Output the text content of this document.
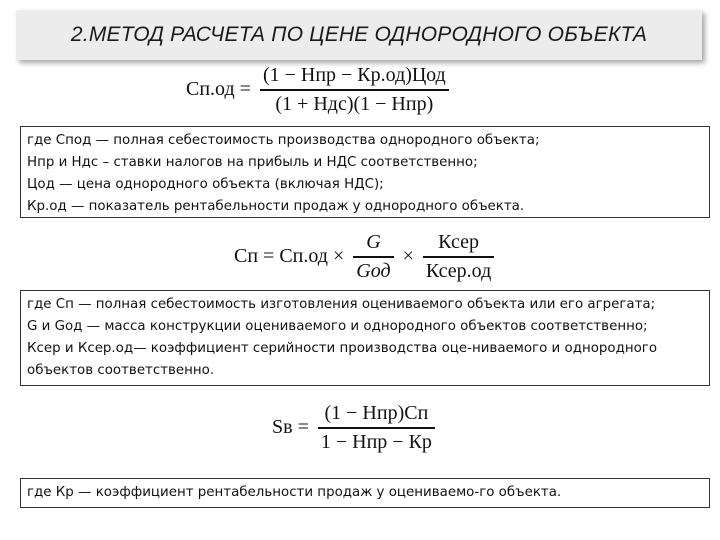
2.МЕТОД РАСЧЕТА ПО ЦЕНЕ ОДНОРОДНОГО ОБЪЕКТА
$Сп.од = \frac{\text{(1 − Нпр − Кр.од)Цод}}{\text{(1 + Ндс)(1 − Нпр)}}$
где Спод — полная себестоимость производства однородного объекта;
Нпр и Ндс – ставки налогов на прибыль и НДС соответственно;
Цод — цена однородного объекта (включая НДС);
Кр.од — показатель рентабельности продаж у однородного объекта.
Сп = $Сп.од \times \frac{G}{\text{Gод}} \times \frac{\text{Ксер}}{\text{Ксер.од}}$
где Сп — полная себестоимость изготовления оцениваемого объекта или его агрегата;
G и Gод — масса конструкции оцениваемого и однородного объектов соответственно;
Ксер и Ксер.од— коэффициент серийности производства оце-ниваемого и однородного
объектов соответственно.
Sв = $\frac{\text{(1 − Нпр)Сп}}{\text{1 − Нпр − Кр}}$
где Кр — коэффициент рентабельности продаж у оцениваемо-го объекта.
